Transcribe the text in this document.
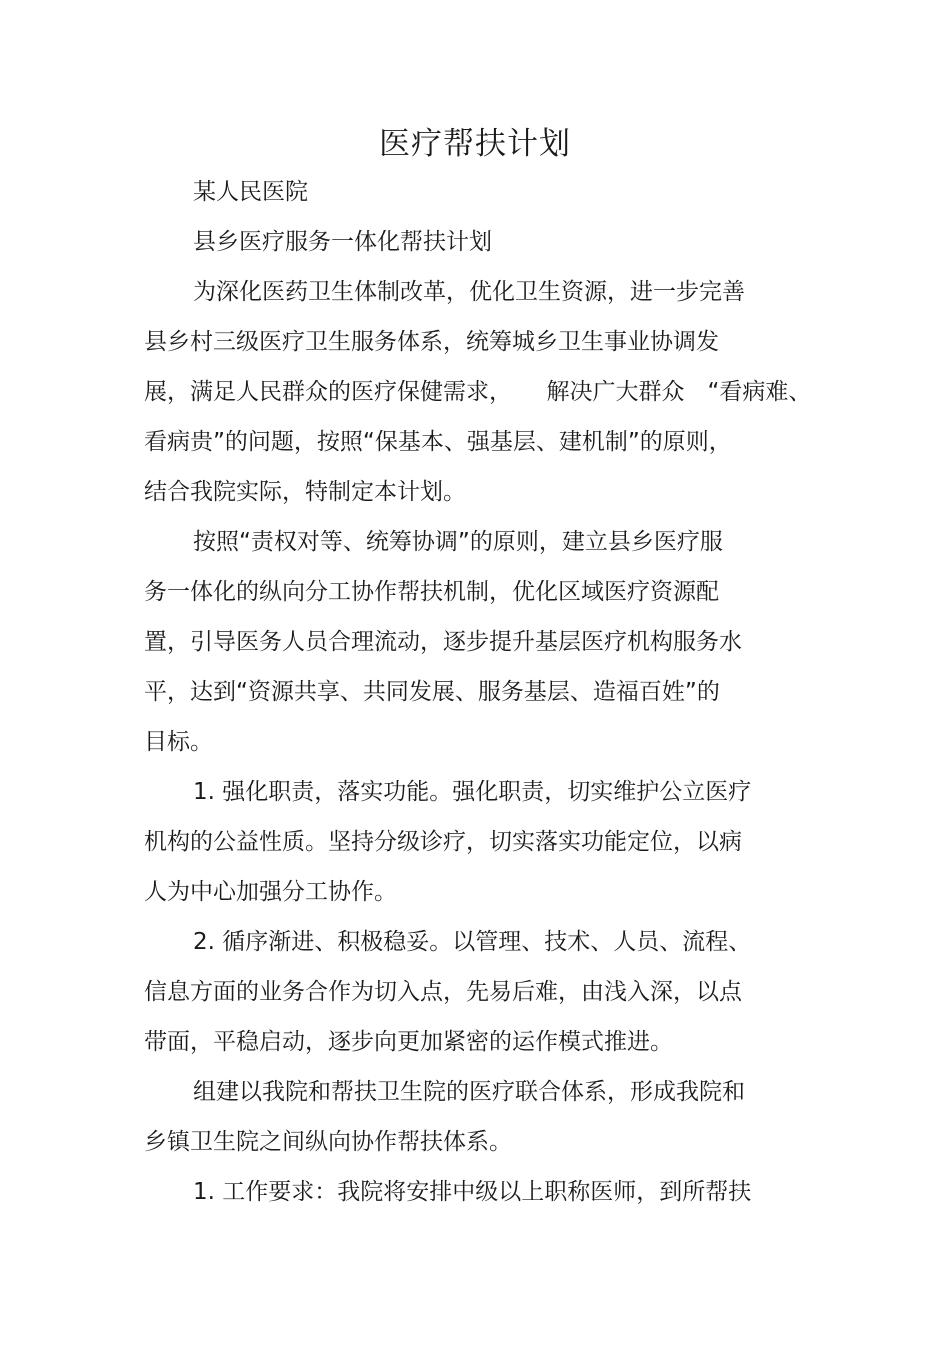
医疗帮扶计划
某人民医院
县乡医疗服务一体化帮扶计划
为深化医药卫生体制改革，优化卫生资源，进一步完善
县乡村三级医疗卫生服务体系，统筹城乡卫生事业协调发
展，满足人民群众的医疗保健需求，　　解决广大群众　“看病难、
看病贵”的问题，按照“保基本、强基层、建机制”的原则，
结合我院实际，特制定本计划。
按照“责权对等、统筹协调”的原则，建立县乡医疗服
务一体化的纵向分工协作帮扶机制，优化区域医疗资源配
置，引导医务人员合理流动，逐步提升基层医疗机构服务水
平，达到“资源共享、共同发展、服务基层、造福百姓”的
目标。
1. 强化职责，落实功能。强化职责，切实维护公立医疗
机构的公益性质。坚持分级诊疗，切实落实功能定位，以病
人为中心加强分工协作。
2. 循序渐进、积极稳妥。以管理、技术、人员、流程、
信息方面的业务合作为切入点，先易后难，由浅入深，以点
带面，平稳启动，逐步向更加紧密的运作模式推进。
组建以我院和帮扶卫生院的医疗联合体系，形成我院和
乡镇卫生院之间纵向协作帮扶体系。
1. 工作要求：我院将安排中级以上职称医师，到所帮扶
